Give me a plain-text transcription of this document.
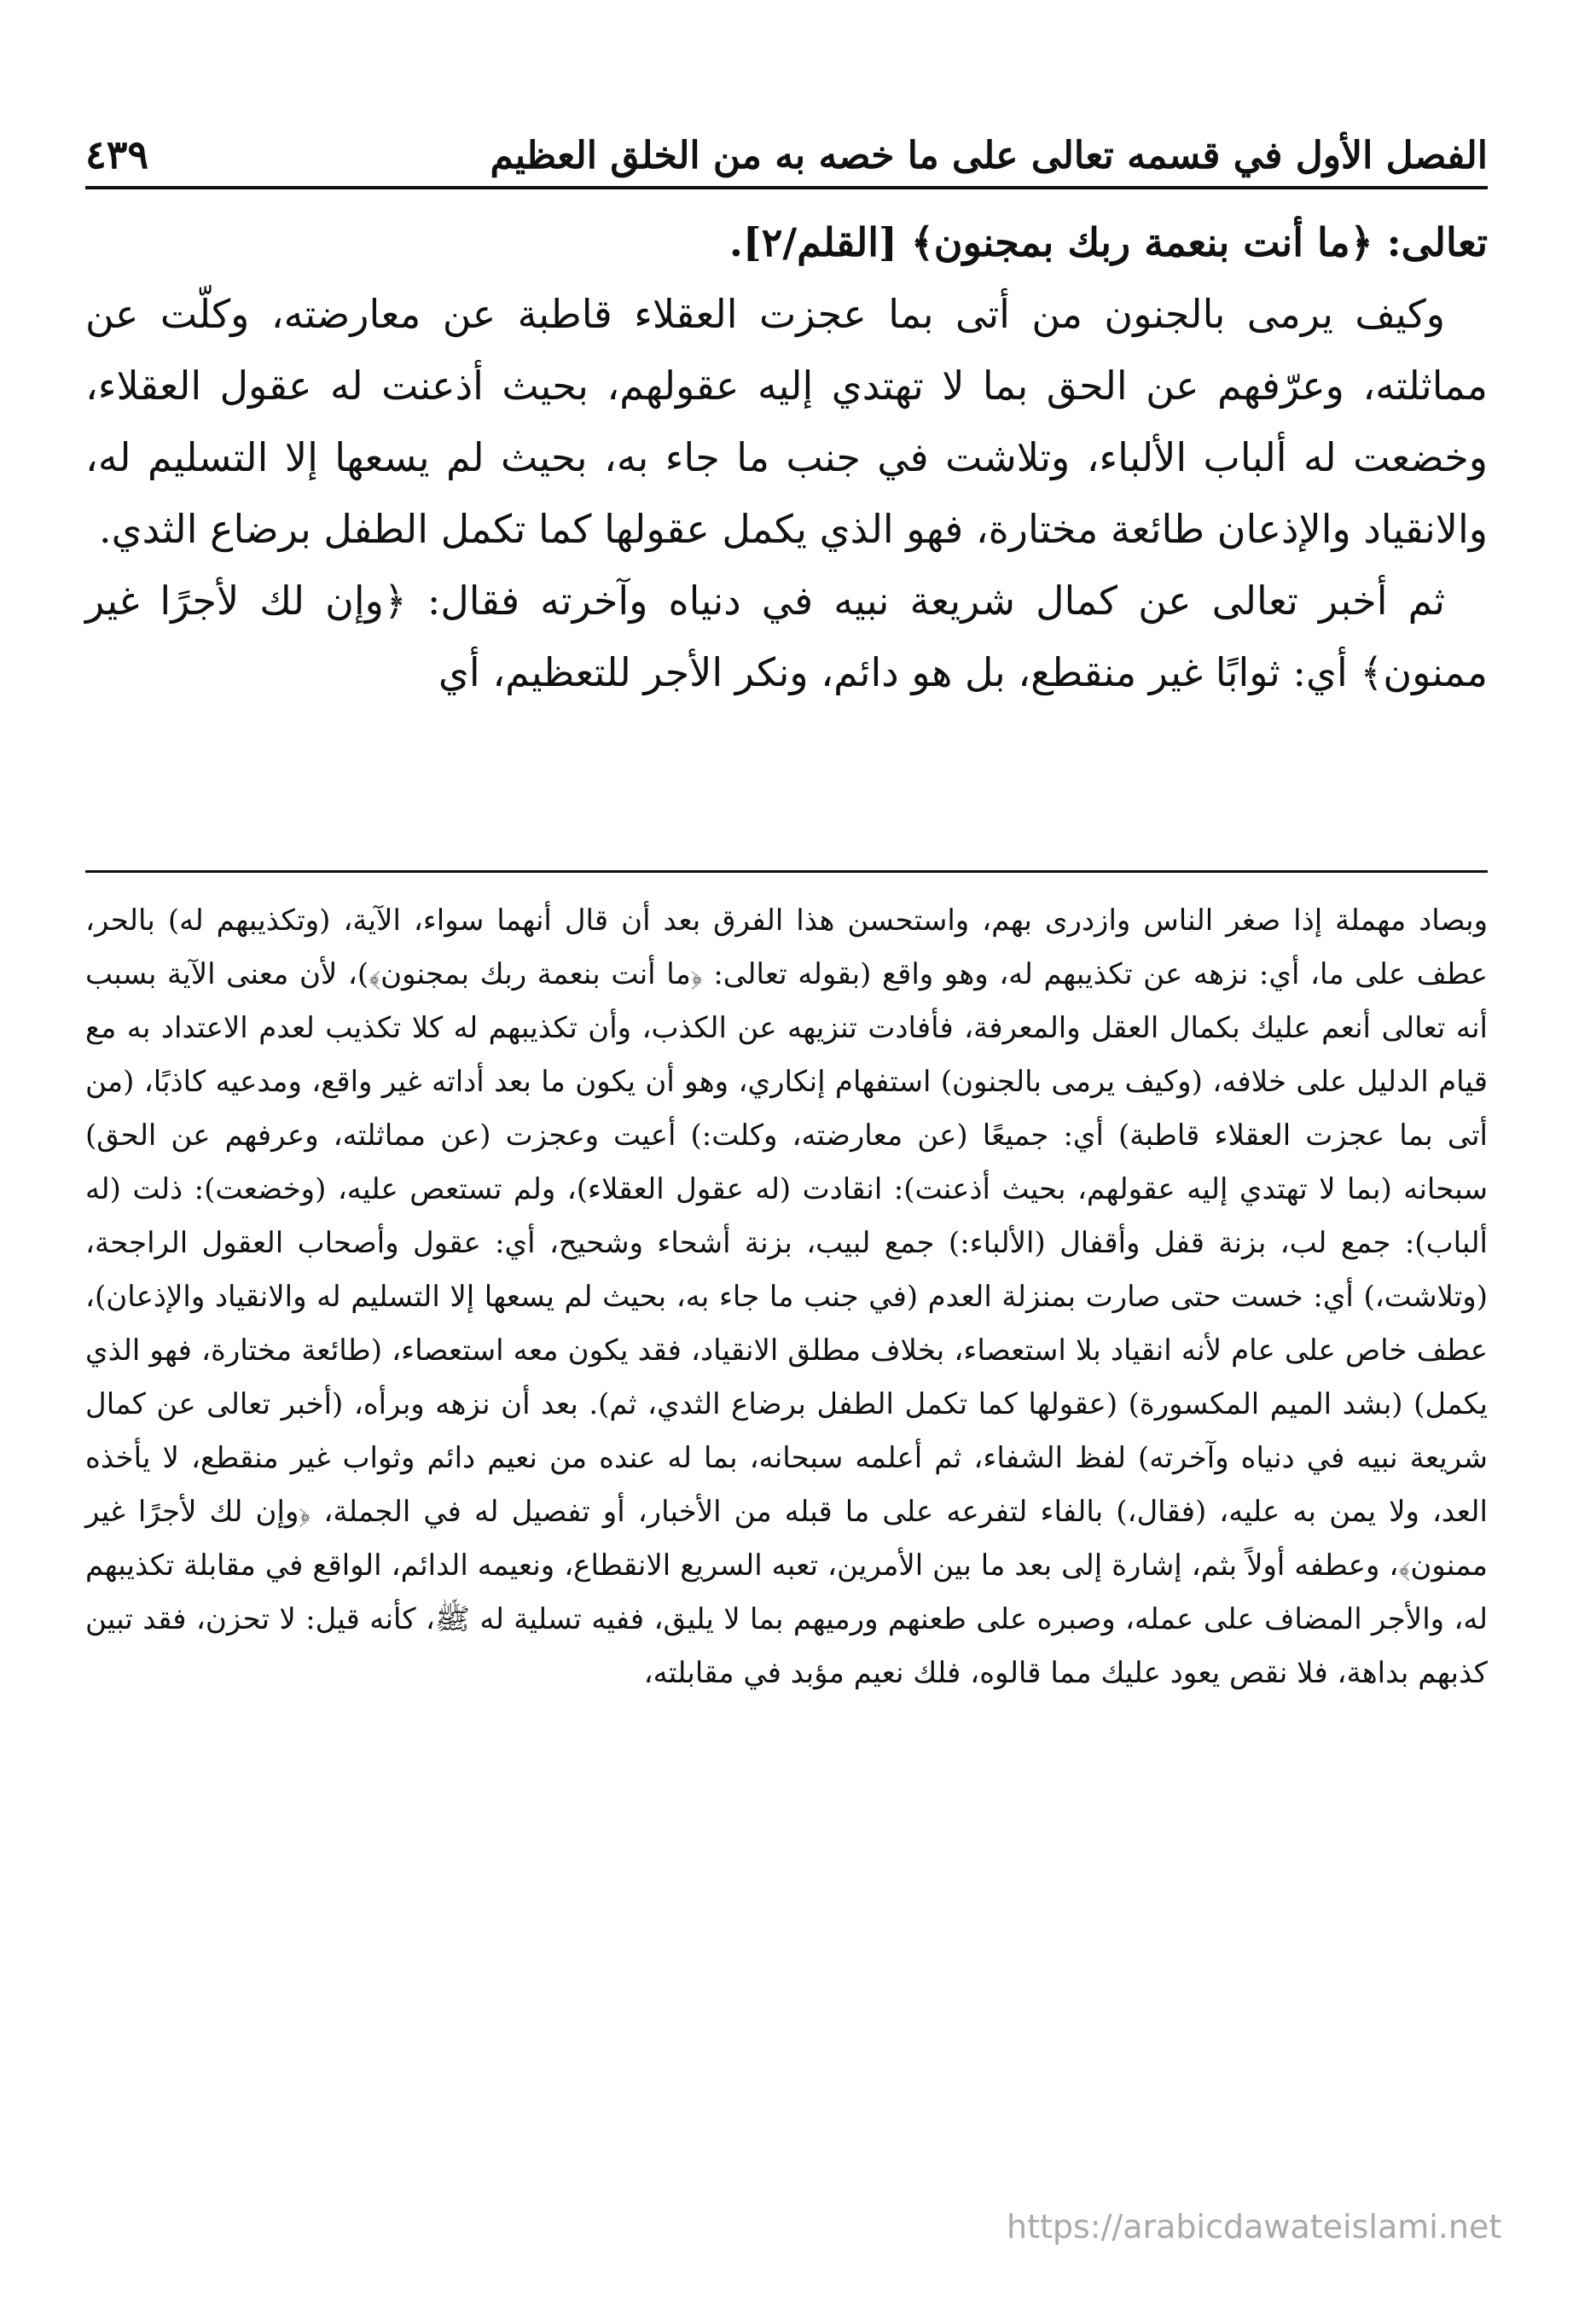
الفصل الأول في قسمه تعالى على ما خصه به من الخلق العظيم
٤٣٩

تعالى: ﴿ما أنت بنعمة ربك بمجنون﴾ [القلم/٢].

وكيف يرمى بالجنون من أتى بما عجزت العقلاء قاطبة عن معارضته، وكلّت عن مماثلته، وعرّفهم عن الحق بما لا تهتدي إليه عقولهم، بحيث أذعنت له عقول العقلاء، وخضعت له ألباب الألباء، وتلاشت في جنب ما جاء به، بحيث لم يسعها إلا التسليم له، والانقياد والإذعان طائعة مختارة، فهو الذي يكمل عقولها كما تكمل الطفل برضاع الثدي.

ثم أخبر تعالى عن كمال شريعة نبيه في دنياه وآخرته فقال: ﴿وإن لك لأجرًا غير ممنون﴾ أي: ثوابًا غير منقطع، بل هو دائم، ونكر الأجر للتعظيم، أي

وبصاد مهملة إذا صغر الناس وازدرى بهم، واستحسن هذا الفرق بعد أن قال أنهما سواء، الآية، (وتكذيبهم له) بالحر، عطف على ما، أي: نزهه عن تكذيبهم له، وهو واقع (بقوله تعالى: ﴿ما أنت بنعمة ربك بمجنون﴾)، لأن معنى الآية بسبب أنه تعالى أنعم عليك بكمال العقل والمعرفة، فأفادت تنزيهه عن الكذب، وأن تكذيبهم له كلا تكذيب لعدم الاعتداد به مع قيام الدليل على خلافه، (وكيف يرمى بالجنون) استفهام إنكاري، وهو أن يكون ما بعد أداته غير واقع، ومدعيه كاذبًا، (من أتى بما عجزت العقلاء قاطبة) أي: جميعًا (عن معارضته، وكلت:) أعيت وعجزت (عن مماثلته، وعرفهم عن الحق) سبحانه (بما لا تهتدي إليه عقولهم، بحيث أذعنت): انقادت (له عقول العقلاء)، ولم تستعص عليه، (وخضعت): ذلت (له ألباب): جمع لب، بزنة قفل وأقفال (الألباء:) جمع لبيب، بزنة أشحاء وشحيح، أي: عقول وأصحاب العقول الراجحة، (وتلاشت،) أي: خست حتى صارت بمنزلة العدم (في جنب ما جاء به، بحيث لم يسعها إلا التسليم له والانقياد والإذعان)، عطف خاص على عام لأنه انقياد بلا استعصاء، بخلاف مطلق الانقياد، فقد يكون معه استعصاء، (طائعة مختارة، فهو الذي يكمل) (بشد الميم المكسورة) (عقولها كما تكمل الطفل برضاع الثدي، ثم). بعد أن نزهه وبرأه، (أخبر تعالى عن كمال شريعة نبيه في دنياه وآخرته) لفظ الشفاء، ثم أعلمه سبحانه، بما له عنده من نعيم دائم وثواب غير منقطع، لا يأخذه العد، ولا يمن به عليه، (فقال،) بالفاء لتفرعه على ما قبله من الأخبار، أو تفصيل له في الجملة، ﴿وإن لك لأجرًا غير ممنون﴾، وعطفه أولاً بثم، إشارة إلى بعد ما بين الأمرين، تعبه السريع الانقطاع، ونعيمه الدائم، الواقع في مقابلة تكذيبهم له، والأجر المضاف على عمله، وصبره على طعنهم ورميهم بما لا يليق، ففيه تسلية له ﷺ، كأنه قيل: لا تحزن، فقد تبين كذبهم بداهة، فلا نقص يعود عليك مما قالوه، فلك نعيم مؤبد في مقابلته،

https://arabicdawateislami.net
